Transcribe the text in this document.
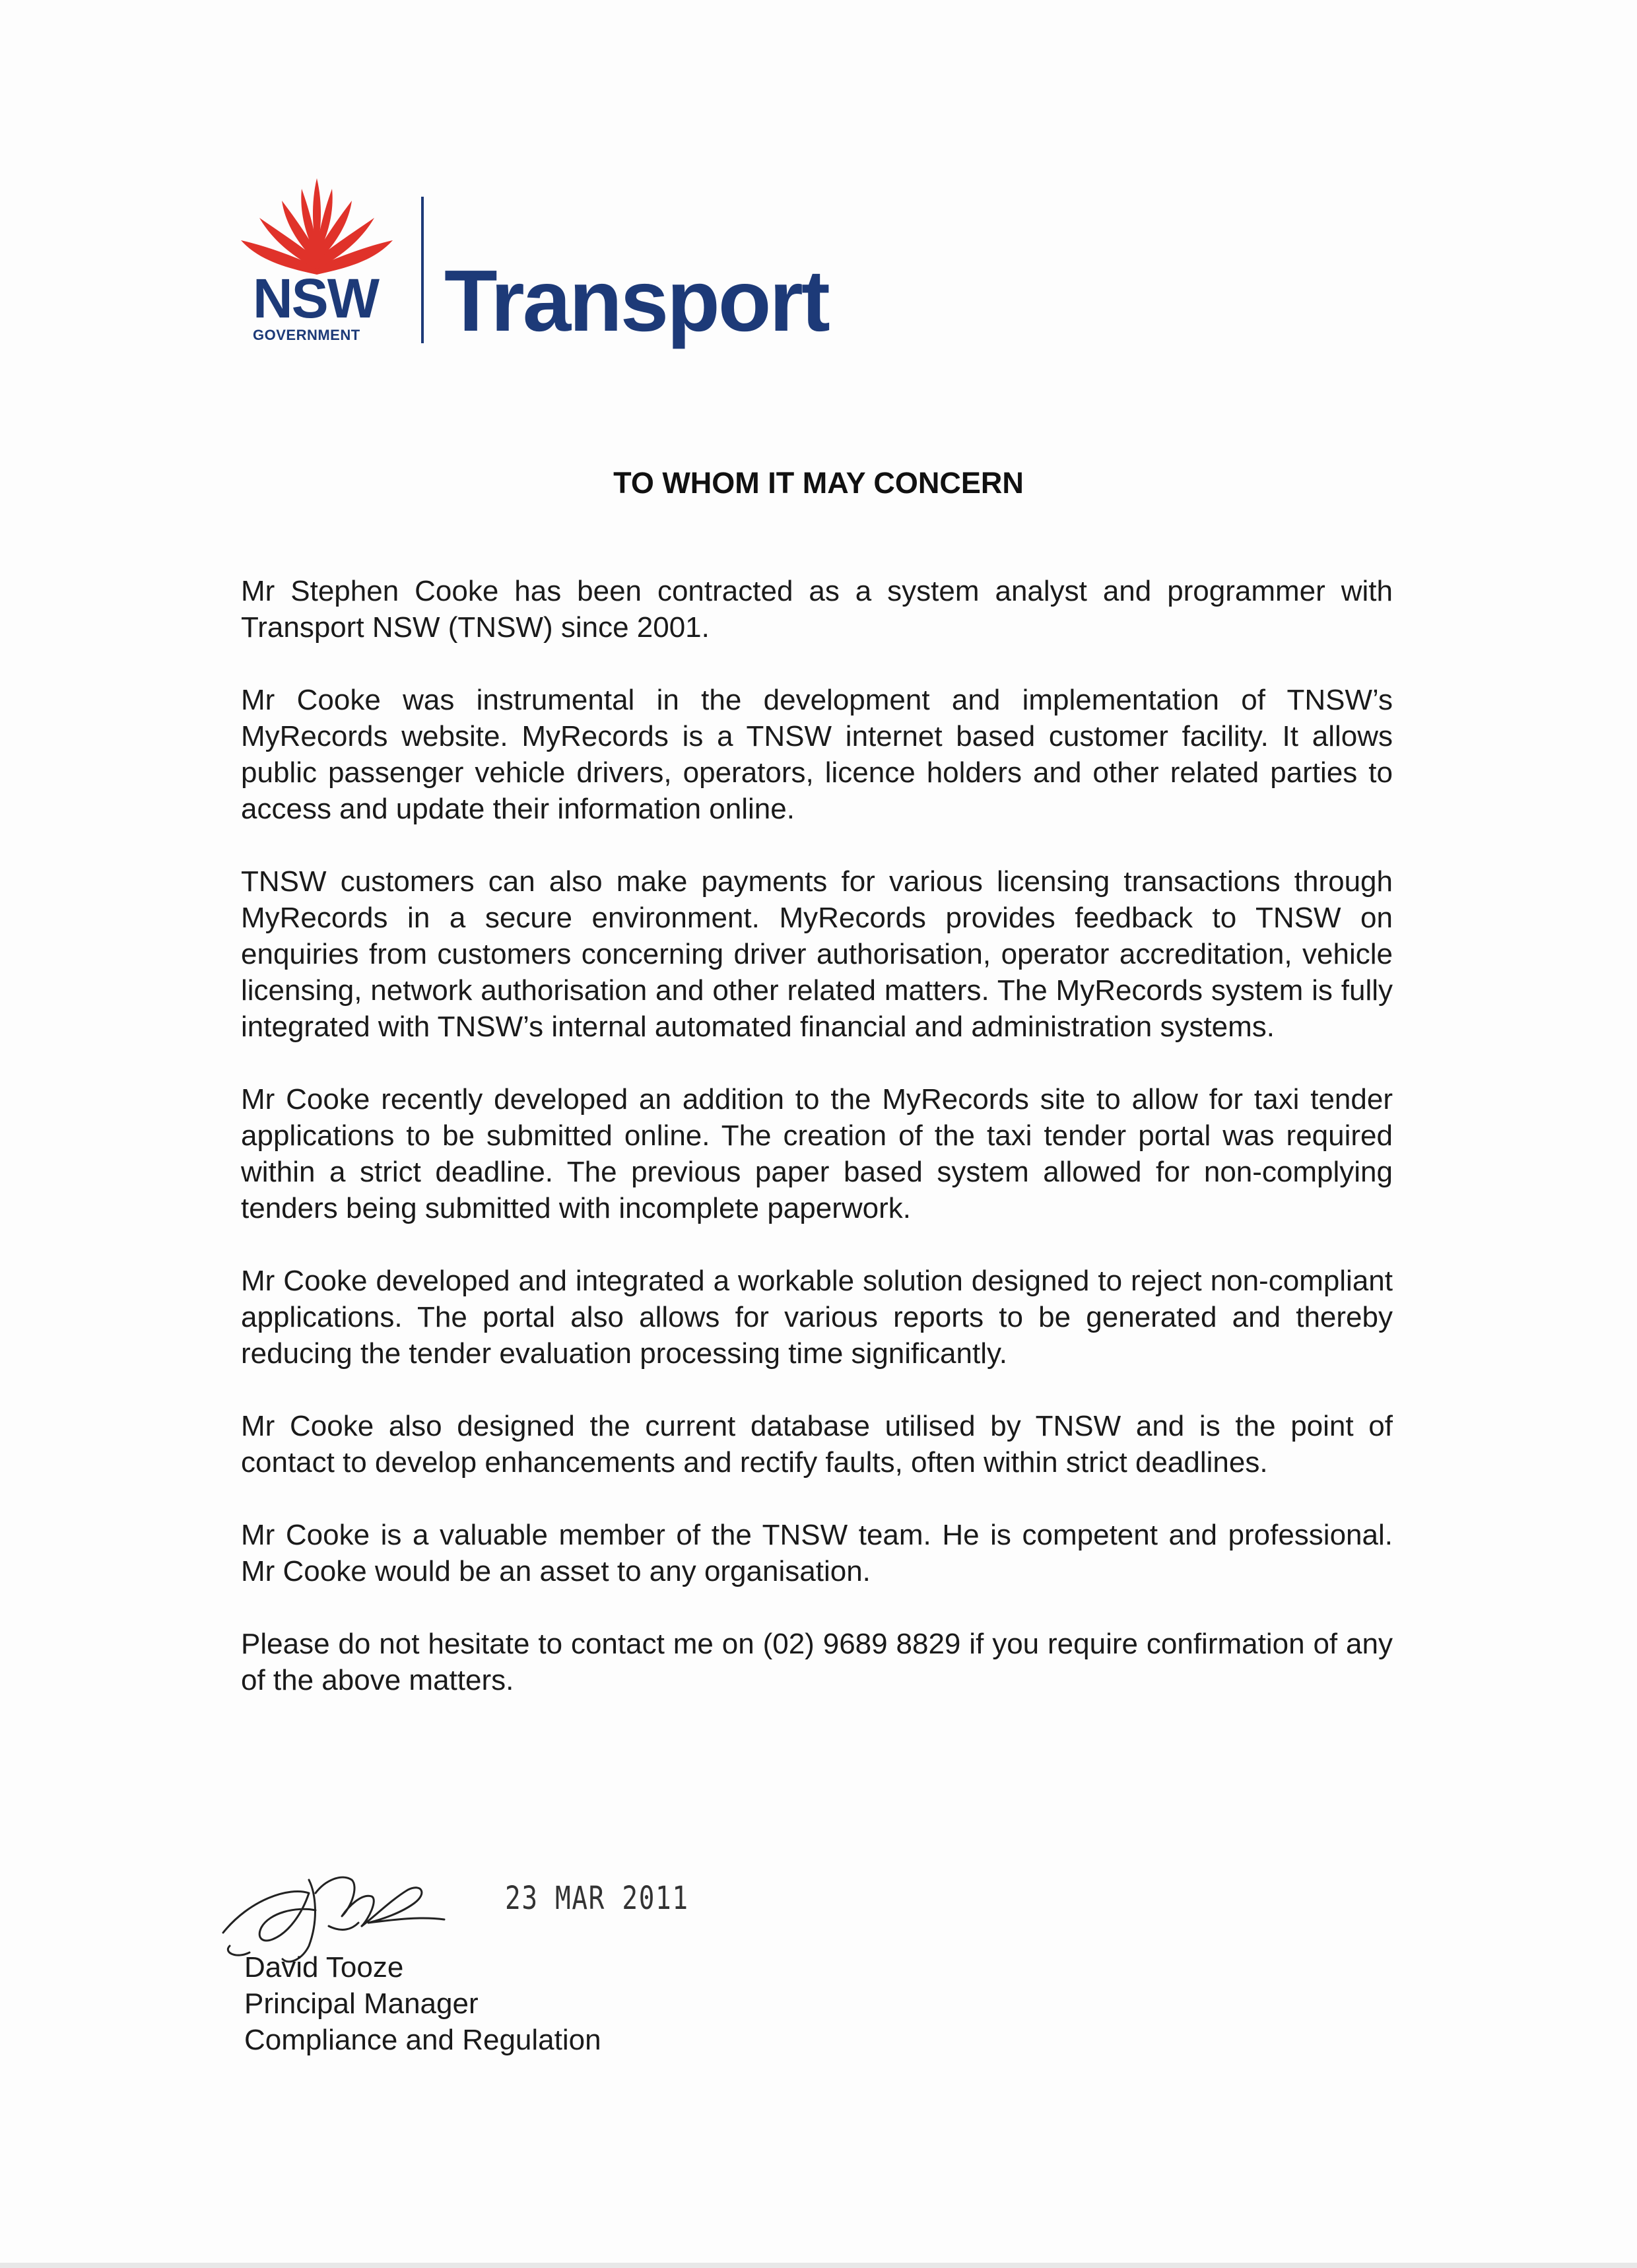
NSW
GOVERNMENT Transport
TO WHOM IT MAY CONCERN

Mr Stephen Cooke has been contracted as a system analyst and programmer with Transport NSW (TNSW) since 2001.

Mr Cooke was instrumental in the development and implementation of TNSW’s MyRecords website. MyRecords is a TNSW internet based customer facility. It allows public passenger vehicle drivers, operators, licence holders and other related parties to access and update their information online.

TNSW customers can also make payments for various licensing transactions through MyRecords in a secure environment. MyRecords provides feedback to TNSW on enquiries from customers concerning driver authorisation, operator accreditation, vehicle licensing, network authorisation and other related matters. The MyRecords system is fully integrated with TNSW’s internal automated financial and administration systems.

Mr Cooke recently developed an addition to the MyRecords site to allow for taxi tender applications to be submitted online. The creation of the taxi tender portal was required within a strict deadline. The previous paper based system allowed for non-complying tenders being submitted with incomplete paperwork.

Mr Cooke developed and integrated a workable solution designed to reject non-compliant applications. The portal also allows for various reports to be generated and thereby reducing the tender evaluation processing time significantly.

Mr Cooke also designed the current database utilised by TNSW and is the point of contact to develop enhancements and rectify faults, often within strict deadlines.

Mr Cooke is a valuable member of the TNSW team. He is competent and professional. Mr Cooke would be an asset to any organisation.

Please do not hesitate to contact me on (02) 9689 8829 if you require confirmation of any of the above matters.

23 MAR 2011
David Tooze
Principal Manager
Compliance and Regulation
